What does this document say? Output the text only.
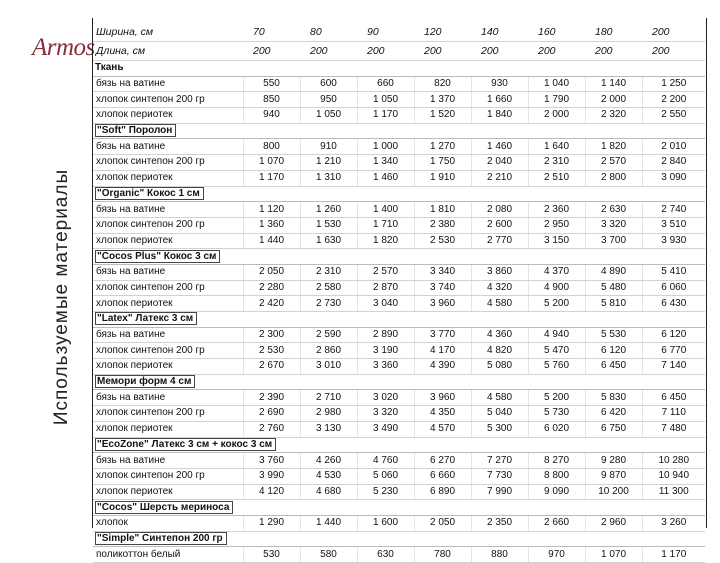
Armos
Используемые материалы
Ширина, см	70	80	90	120	140	160	180	200
Длина, см	200	200	200	200	200	200	200	200
Ткань								
бязь на ватине	550	600	660	820	930	1 040	1 140	1 250
хлопок синтепон 200 гр	850	950	1 050	1 370	1 660	1 790	2 000	2 200
хлопок периотек	940	1 050	1 170	1 520	1 840	2 000	2 320	2 550
"Soft" Поролон								
бязь на ватине	800	910	1 000	1 270	1 460	1 640	1 820	2 010
хлопок синтепон 200 гр	1 070	1 210	1 340	1 750	2 040	2 310	2 570	2 840
хлопок периотек	1 170	1 310	1 460	1 910	2 210	2 510	2 800	3 090
"Organic" Кокос 1 см								
бязь на ватине	1 120	1 260	1 400	1 810	2 080	2 360	2 630	2 740
хлопок синтепон 200 гр	1 360	1 530	1 710	2 380	2 600	2 950	3 320	3 510
хлопок периотек	1 440	1 630	1 820	2 530	2 770	3 150	3 700	3 930
"Cocos Plus" Кокос 3 см								
бязь на ватине	2 050	2 310	2 570	3 340	3 860	4 370	4 890	5 410
хлопок синтепон 200 гр	2 280	2 580	2 870	3 740	4 320	4 900	5 480	6 060
хлопок периотек	2 420	2 730	3 040	3 960	4 580	5 200	5 810	6 430
"Latex" Латекс 3 см								
бязь на ватине	2 300	2 590	2 890	3 770	4 360	4 940	5 530	6 120
хлопок синтепон 200 гр	2 530	2 860	3 190	4 170	4 820	5 470	6 120	6 770
хлопок периотек	2 670	3 010	3 360	4 390	5 080	5 760	6 450	7 140
Мемори форм 4 см								
бязь на ватине	2 390	2 710	3 020	3 960	4 580	5 200	5 830	6 450
хлопок синтепон 200 гр	2 690	2 980	3 320	4 350	5 040	5 730	6 420	7 110
хлопок периотек	2 760	3 130	3 490	4 570	5 300	6 020	6 750	7 480
"EcoZone" Латекс 3 см + кокос 3 см								
бязь на ватине	3 760	4 260	4 760	6 270	7 270	8 270	9 280	10 280
хлопок синтепон 200 гр	3 990	4 530	5 060	6 660	7 730	8 800	9 870	10 940
хлопок периотек	4 120	4 680	5 230	6 890	7 990	9 090	10 200	11 300
"Cocos" Шерсть мериноса								
хлопок	1 290	1 440	1 600	2 050	2 350	2 660	2 960	3 260
"Simple" Синтепон 200 гр								
поликоттон белый	530	580	630	780	880	970	1 070	1 170
